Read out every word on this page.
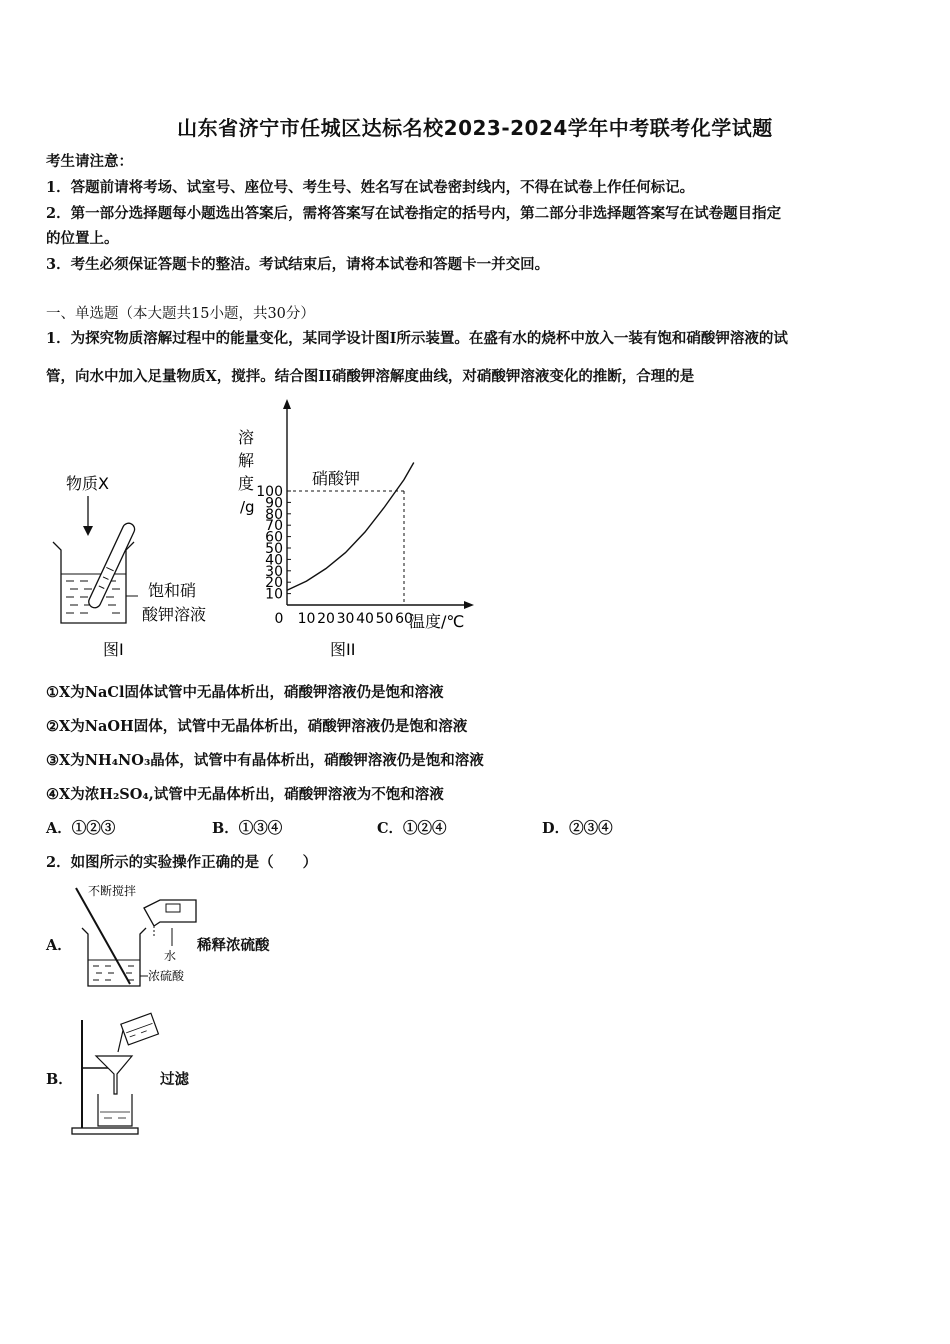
山东省济宁市任城区达标名校2023-2024学年中考联考化学试题
考生请注意：
1．答题前请将考场、试室号、座位号、考生号、姓名写在试卷密封线内，不得在试卷上作任何标记。
2．第一部分选择题每小题选出答案后，需将答案写在试卷指定的括号内，第二部分非选择题答案写在试卷题目指定
的位置上。
3．考生必须保证答题卡的整洁。考试结束后，请将本试卷和答题卡一并交回。
一、单选题（本大题共15小题，共30分）
1．为探究物质溶解过程中的能量变化，某同学设计图I所示装置。在盛有水的烧杯中放入一装有饱和硝酸钾溶液的试
管，向水中加入足量物质X，搅拌。结合图II硝酸钾溶解度曲线，对硝酸钾溶液变化的推断，合理的是
物质X
饱和硝
酸钾溶液
图I
溶
解
度
/g
硝酸钾
温度/℃
图II
10
20
30
40
50
60
70
80
90
100
0 10 20 30 40 50 60
①X为NaCl固体试管中无晶体析出，硝酸钾溶液仍是饱和溶液
②X为NaOH固体，试管中无晶体析出，硝酸钾溶液仍是饱和溶液
③X为NH₄NO₃晶体，试管中有晶体析出，硝酸钾溶液仍是饱和溶液
④X为浓H₂SO₄,试管中无晶体析出，硝酸钾溶液为不饱和溶液
A．①②③	B．①③④	C．①②④	D．②③④
2．如图所示的实验操作正确的是（　　）
A．
不断搅拌
水
浓硫酸
稀释浓硫酸
B．	过滤
